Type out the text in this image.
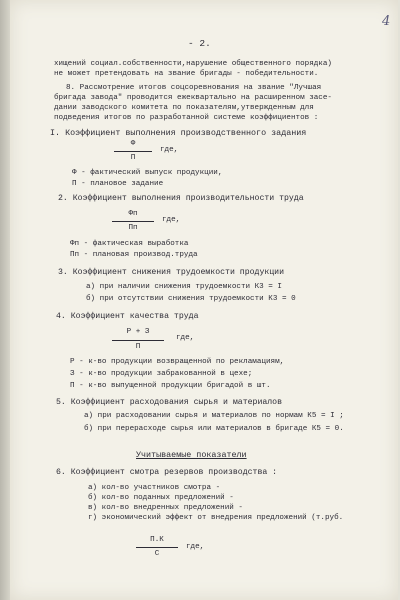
4
- 2.
хищений социал.собственности,нарушение общественного порядка)
не может претендовать на звание бригады - победительности.
8. Рассмотрение итогов соцсоревнования на звание "Лучшая
бригада завода" проводится ежеквартально на расширенном засе-
дании заводского комитета по показателям,утвержденным для
подведения итогов по разработанной системе коэффициентов :
I. Коэффициент выполнения производственного задания
Ф
где,
П
Ф - фактический выпуск продукции,
П - плановое задание
2. Коэффициент выполнения производительности труда
Фп
где,
Пп
Фп - фактическая выработка
Пп - плановая производ.труда
3. Коэффициент снижения трудоемкости продукции
а) при наличии снижения трудоемкости К3 = I
б) при отсутствии снижения трудоемкости К3 = 0
4. Коэффициент качества труда
Р + З
где,
П
Р - к-во продукции возвращенной по рекламациям,
З - к-во продукции забракованной в цехе;
П - к-во выпущенной продукции бригадой в шт.
5. Коэффициент расходования сырья и материалов
а) при расходовании сырья и материалов по нормам К5 = I ;
б) при перерасходе сырья или материалов в бригаде К5 = 0.
Учитываемые показатели
6. Коэффициент смотра резервов производства :
а) кол-во участников смотра -
б) кол-во поданных предложений -
в) кол-во внедренных предложений -
г) экономический эффект от внедрения предложений (т.руб.
П.К
где,
С
